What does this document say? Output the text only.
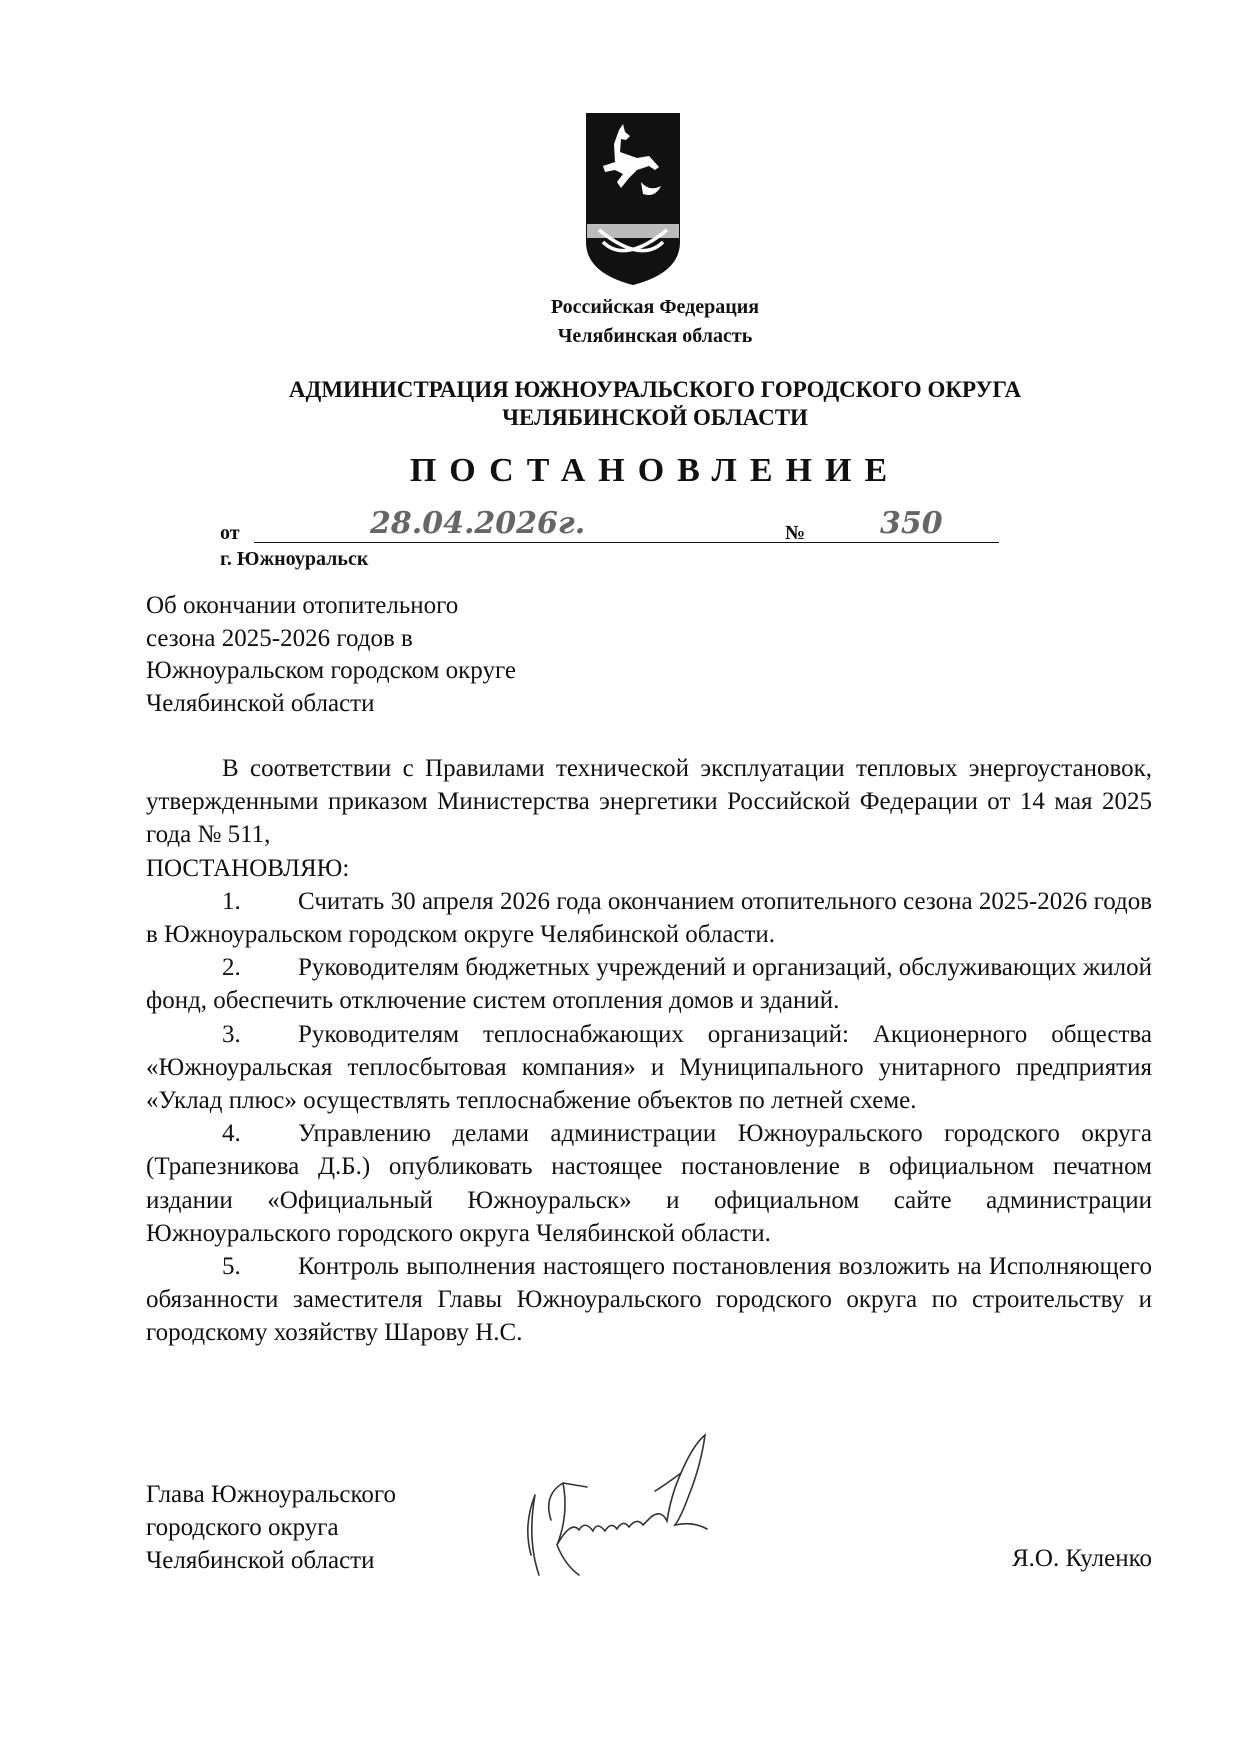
Российская Федерация
Челябинская область
АДМИНИСТРАЦИЯ ЮЖНОУРАЛЬСКОГО ГОРОДСКОГО ОКРУГА
ЧЕЛЯБИНСКОЙ ОБЛАСТИ
ПОСТАНОВЛЕНИЕ
от	28.04.2026г.	№ 350
г. Южноуральск
Об окончании отопительного
сезона 2025-2026 годов в
Южноуральском городском округе
Челябинской области

В соответствии с Правилами технической эксплуатации тепловых энергоустановок, утвержденными приказом Министерства энергетики Российской Федерации от 14 мая 2025 года № 511,

ПОСТАНОВЛЯЮ:

1. Считать 30 апреля 2026 года окончанием отопительного сезона 2025-2026 годов в Южноуральском городском округе Челябинской области.

2. Руководителям бюджетных учреждений и организаций, обслуживающих жилой фонд, обеспечить отключение систем отопления домов и зданий.

3. Руководителям теплоснабжающих организаций: Акционерного общества «Южноуральская теплосбытовая компания» и Муниципального унитарного предприятия «Уклад плюс» осуществлять теплоснабжение объектов по летней схеме.

4. Управлению делами администрации Южноуральского городского округа (Трапезникова Д.Б.) опубликовать настоящее постановление в официальном печатном издании «Официальный Южноуральск» и официальном сайте администрации Южноуральского городского округа Челябинской области.

5. Контроль выполнения настоящего постановления возложить на Исполняющего обязанности заместителя Главы Южноуральского городского округа по строительству и городскому хозяйству Шарову Н.С.

Глава Южноуральского
городского округа
Челябинской области	Я.О. Куленко
